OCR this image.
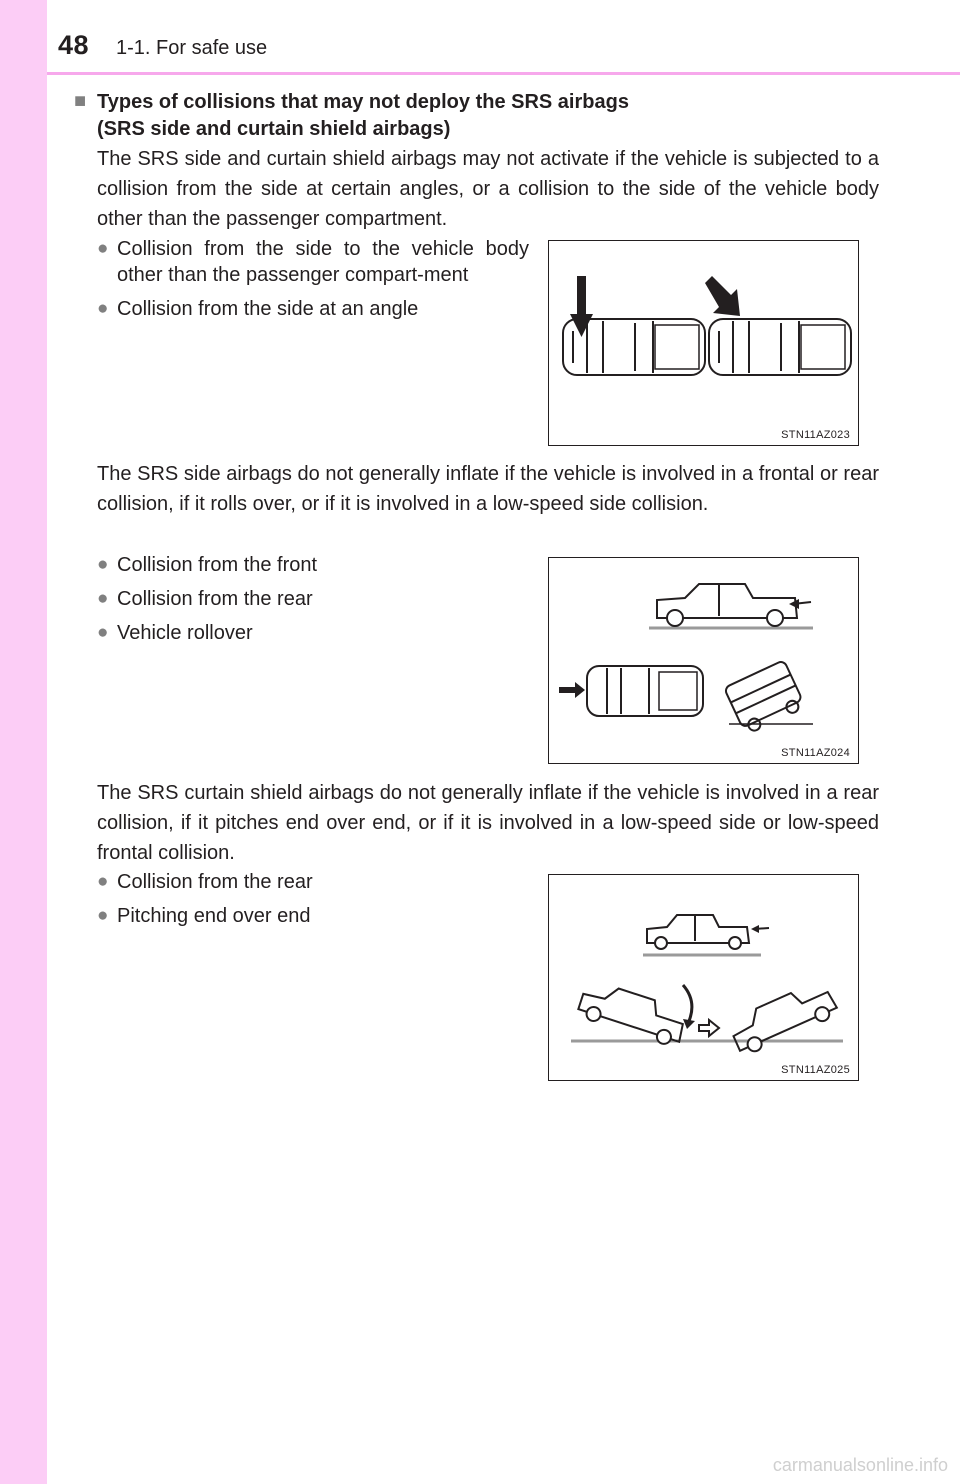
48 1-1. For safe use
■ Types of collisions that may not deploy the SRS airbags
(SRS side and curtain shield airbags)
The SRS side and curtain shield airbags may not activate if the vehicle is subjected to a collision from the side at certain angles, or a collision to the side of the vehicle body other than the passenger compartment.
● Collision from the side to the vehicle body other than the passenger compart-ment
● Collision from the side at an angle
STN11AZ023
The SRS side airbags do not generally inflate if the vehicle is involved in a frontal or rear collision, if it rolls over, or if it is involved in a low-speed side collision.
● Collision from the front
● Collision from the rear
● Vehicle rollover
STN11AZ024
The SRS curtain shield airbags do not generally inflate if the vehicle is involved in a rear collision, if it pitches end over end, or if it is involved in a low-speed side or low-speed frontal collision.
● Collision from the rear
● Pitching end over end
STN11AZ025
carmanualsonline.info
